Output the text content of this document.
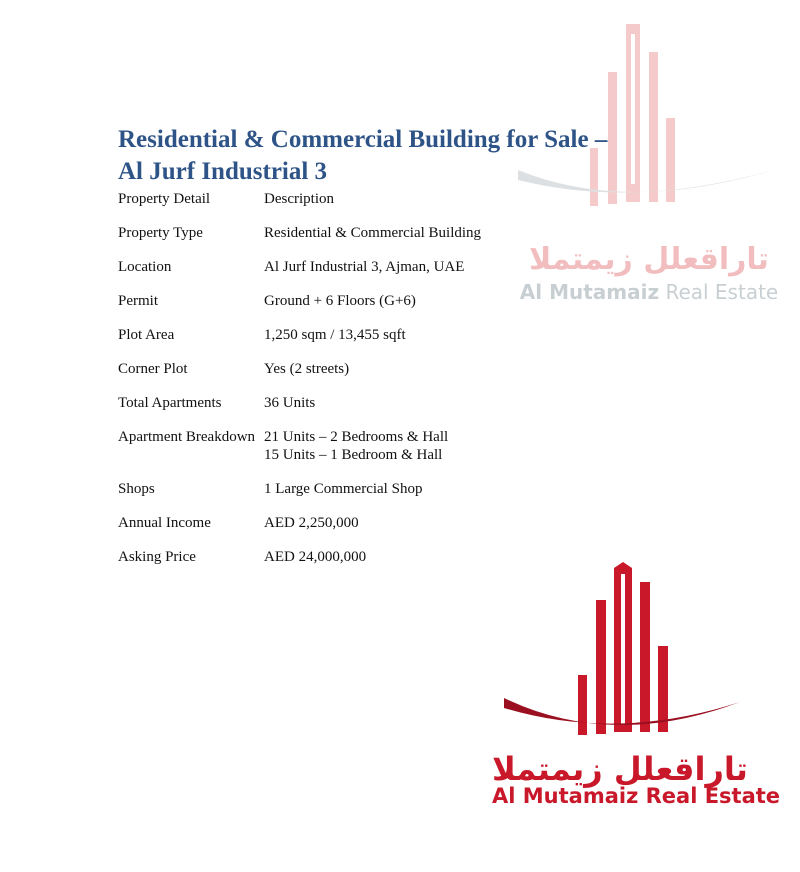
المتميز للعقارات
Al Mutamaiz Real Estate
Residential & Commercial Building for Sale –
Al Jurf Industrial 3
Property Detail	Description
Property Type	Residential & Commercial Building
Location	Al Jurf Industrial 3, Ajman, UAE
Permit	Ground + 6 Floors (G+6)
Plot Area	1,250 sqm / 13,455 sqft
Corner Plot	Yes (2 streets)
Total Apartments	36 Units
Apartment Breakdown	21 Units – 2 Bedrooms & Hall
15 Units – 1 Bedroom & Hall

Shops	1 Large Commercial Shop
Annual Income	AED 2,250,000
Asking Price	AED 24,000,000
المتميز للعقارات
Al Mutamaiz Real Estate
